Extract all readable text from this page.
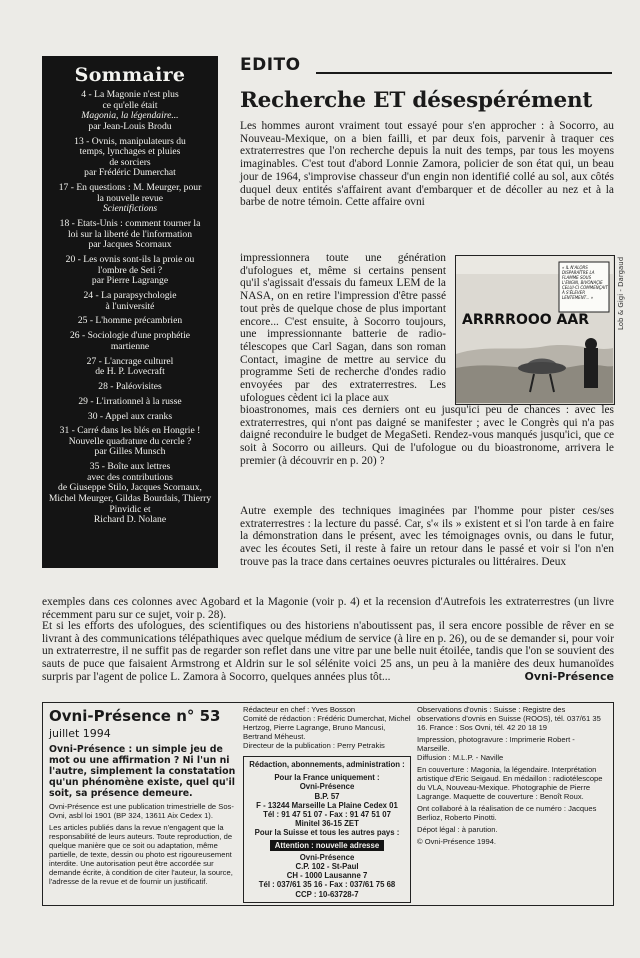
Sommaire
4 - La Magonie n'est plus
ce qu'elle était
Magonia, la légendaire...
par Jean-Louis Brodu
13 - Ovnis, manipulateurs du
temps, lynchages et pluies
de sorciers
par Frédéric Dumerchat
17 - En questions : M. Meurger, pour
la nouvelle revue
Scientifictions
18 - Etats-Unis : comment tourner la
loi sur la liberté de l'information
par Jacques Scornaux
20 - Les ovnis sont-ils la proie ou
l'ombre de Seti ?
par Pierre Lagrange
24 - La parapsychologie
à l'université
25 - L'homme précambrien
26 - Sociologie d'une prophétie
martienne
27 - L'ancrage culturel
de H. P. Lovecraft
28 - Paléovisites
29 - L'irrationnel à la russe
30 - Appel aux cranks
31 - Carré dans les blés en Hongrie !
Nouvelle quadrature du cercle ?
par Gilles Munsch
35 - Boîte aux lettres
avec des contributions
de Giuseppe Stilo, Jacques Scornaux, Michel Meurger, Gildas Bourdais, Thierry Pinvidic et
Richard D. Nolane
EDITO
Recherche ET désespérément
Les hommes auront vraiment tout essayé pour s'en approcher : à Socorro, au Nouveau-Mexique, on a bien failli, et par deux fois, parvenir à traquer ces extraterrestres que l'on recherche depuis la nuit des temps, par tous les moyens imaginables. C'est tout d'abord Lonnie Zamora, policier de son état qui, un beau jour de 1964, s'improvise chasseur d'un engin non identifié collé au sol, aux côtés duquel deux entités s'affairent avant d'embarquer et de décoller au nez et à la barbe de notre témoin. Cette affaire ovni
impressionnera toute une génération d'ufologues et, même si certains pensent qu'il s'agissait d'essais du fameux LEM de la NASA, on en retire l'impression d'être passé tout près de quelque chose de plus important encore... C'est ensuite, à Socorro toujours, une impressionnante batterie de radio-télescopes que Carl Sagan, dans son roman Contact, imagine de mettre au service du programme Seti de recherche d'ondes radio envoyées par des extraterrestres. Les ufologues cèdent ici la place aux
ARRRROOO AAR
« IL N'ALORS DISPARAÎTRE LA FLAMME SOUS L'ENGIN, BIVONAÇIE CELUI-CI COMMENÇAIT À S'ÉLEVER LENTEMENT... »	Lob & Gigi - Dargaud
bioastronomes, mais ces derniers ont eu jusqu'ici peu de chances : avec les extraterrestres, qui n'ont pas daigné se manifester ; avec le Congrès qui n'a pas daigné reconduire le budget de MegaSeti. Rendez-vous manqués jusqu'ici, que ce soit à Socorro ou ailleurs. Qui de l'ufologue ou du bioastronome, arrivera le premier (à découvrir en p. 20) ?
Autre exemple des techniques imaginées par l'homme pour pister ces/ses extraterrestres : la lecture du passé. Car, s'« ils » existent et si l'on tarde à en faire la démonstration dans le présent, avec les témoignages ovnis, ou dans le futur, avec les écoutes Seti, il reste à faire un retour dans le passé et voir si l'on n'en trouve pas la trace dans certaines oeuvres picturales ou littéraires. Deux
exemples dans ces colonnes avec Agobard et la Magonie (voir p. 4) et la recension d'Autrefois les extraterrestres (un livre récemment paru sur ce sujet, voir p. 28).
Et si les efforts des ufologues, des scientifiques ou des historiens n'aboutissent pas, il sera encore possible de rêver en se livrant à des communications télépathiques avec quelque médium de service (à lire en p. 26), ou de se demander si, pour voir un extraterrestre, il ne suffit pas de regarder son reflet dans une vitre par une belle nuit étoilée, tandis que l'on se souvient des sauts de puce que faisaient Armstrong et Aldrin sur le sol sélénite voici 25 ans, un peu à la manière des deux humanoïdes surpris par l'agent de police L. Zamora à Socorro, quelques années plus tôt...	Ovni-Présence

Ovni-Présence n° 53

juillet 1994

Ovni-Présence : un simple jeu de mot ou une affirmation ? Ni l'un ni l'autre, simplement la constatation qu'un phénomène existe, quel qu'il soit, sa présence demeure.

Ovni-Présence est une publication trimestrielle de Sos-Ovni, asbl loi 1901 (BP 324, 13611 Aix Cedex 1).

Les articles publiés dans la revue n'engagent que la responsabilité de leurs auteurs. Toute reproduction, de quelque manière que ce soit ou adaptation, même partielle, de texte, dessin ou photo est rigoureusement interdite. Une autorisation peut être accordée sur demande écrite, à condition de citer l'auteur, la source, l'adresse de la revue et de fournir un justificatif.

Rédacteur en chef : Yves Bosson

Comité de rédaction : Frédéric Dumerchat, Michel Hertzog, Pierre Lagrange, Bruno Mancusi, Bertrand Méheust.

Directeur de la publication : Perry Petrakis

Rédaction, abonnements, administration :
Pour la France uniquement :
Ovni-Présence
B.P. 57
F - 13244 Marseille La Plaine Cedex 01
Tél : 91 47 51 07 - Fax : 91 47 51 07
Minitel 36-15 ZET
Pour la Suisse et tous les autres pays :
Attention : nouvelle adresse
Ovni-Présence
C.P. 102 - St-Paul
CH - 1000 Lausanne 7
Tél : 037/61 35 16 - Fax : 037/61 75 68
CCP : 10-63728-7

Observations d'ovnis : Suisse : Registre des observations d'ovnis en Suisse (ROOS), tél. 037/61 35 16. France : Sos Ovni, tél. 42 20 18 19

Impression, photogravure : Imprimerie Robert - Marseille.

Diffusion : M.L.P. - Naville

En couverture : Magonia, la légendaire. Interprétation artistique d'Eric Seigaud. En médaillon : radiotélescope du VLA, Nouveau-Mexique. Photographie de Pierre Lagrange. Maquette de couverture : Benoît Roux.

Ont collaboré à la réalisation de ce numéro : Jacques Berlioz, Roberto Pinotti.

Dépot légal : à parution.

© Ovni-Présence 1994.
